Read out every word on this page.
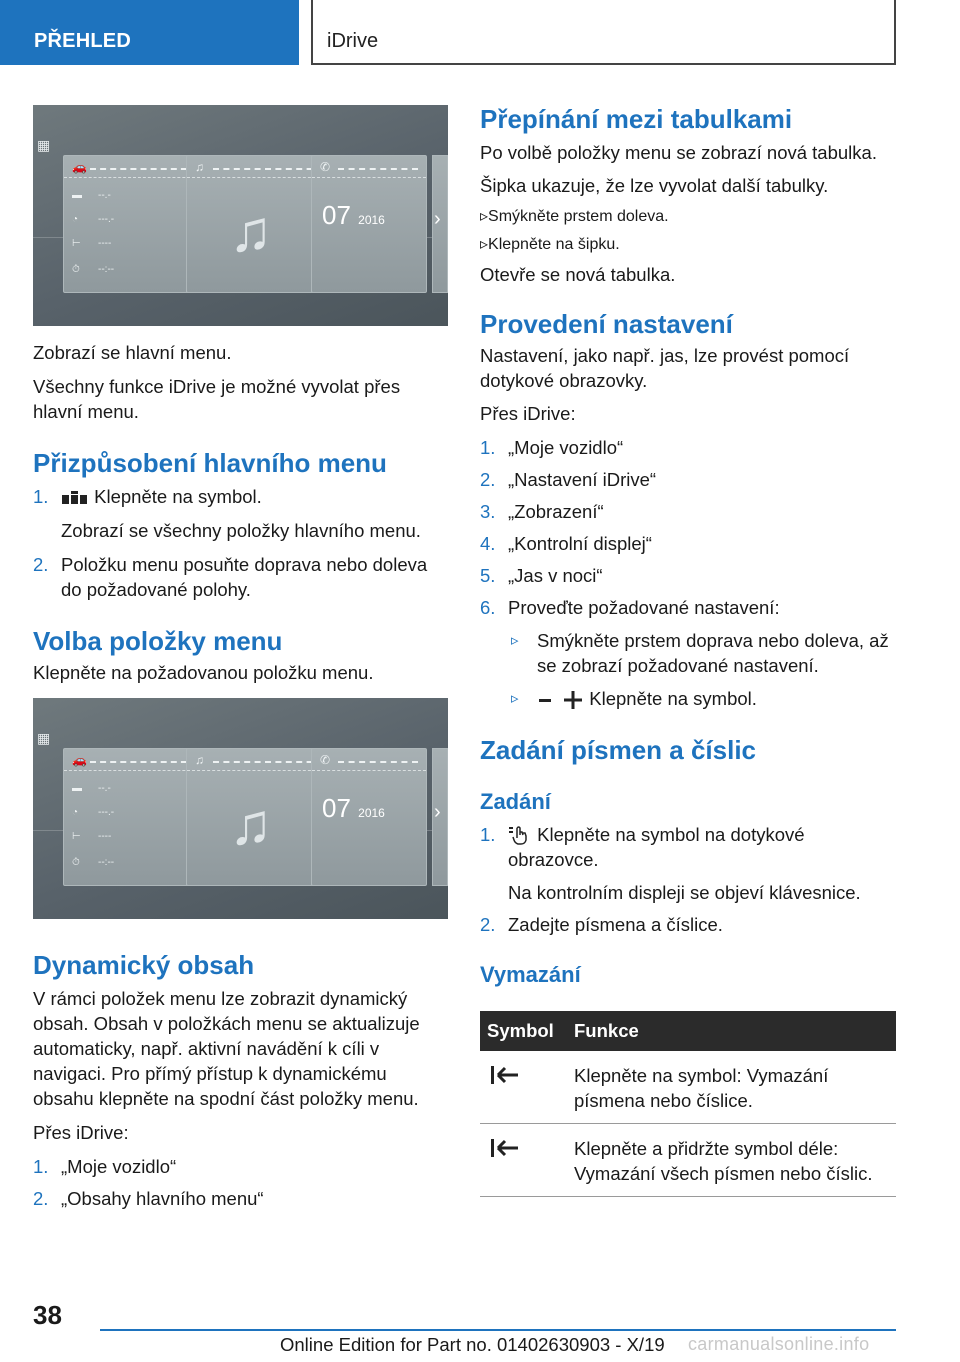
PŘEHLED	iDrive
▦
🚗
▬ --.-
◔ ---.-
⊢ ----
⏱ --:--
♫
♫
✆
07 2016 ›

Zobrazí se hlavní menu.

Všechny funkce iDrive je možné vyvolat přes hlavní menu.

Přizpůsobení hlavního menu
1. Klepněte na symbol.
Zobrazí se všechny položky hlavního menu.
2. Položku menu posuňte doprava nebo doleva do požadované polohy.
Volba položky menu

Klepněte na požadovanou položku menu.

▦
🚗
▬ --.-
◔ ---.-
⊢ ----
⏱ --:--
♫
♫
✆
07 2016 ›
Dynamický obsah

V rámci položek menu lze zobrazit dynamický obsah. Obsah v položkách menu se aktualizuje automaticky, např. aktivní navádění k cíli v navigaci. Pro přímý přístup k dynamickému obsahu klepněte na spodní část položky menu.

Přes iDrive:

1. „Moje vozidlo“
2. „Obsahy hlavního menu“
Přepínání mezi tabulkami

Po volbě položky menu se zobrazí nová tabulka.

Šipka ukazuje, že lze vyvolat další tabulky.

▹Smýkněte prstem doleva.
▹Klepněte na šipku.

Otevře se nová tabulka.

Provedení nastavení

Nastavení, jako např. jas, lze provést pomocí dotykové obrazovky.

Přes iDrive:

1. „Moje vozidlo“
2. „Nastavení iDrive“
3. „Zobrazení“
4. „Kontrolní displej“
5. „Jas v noci“
6. Proveďte požadované nastavení:
▹ Smýkněte prstem doprava nebo doleva, až se zobrazí požadované nastavení.
▹	Klepněte na symbol.
Zadání písmen a číslic
Zadání
1. Klepněte na symbol na dotykové obrazovce.
Na kontrolním displeji se objeví klávesnice.
2. Zadejte písmena a číslice.
Vymazání
Symbol	Funkce
	Klepněte na symbol: Vymazání písmena nebo číslice.
	Klepněte a přidržte symbol déle: Vymazání všech písmen nebo číslic.
38
Online Edition for Part no. 01402630903 - X/19 carmanualsonline.info
